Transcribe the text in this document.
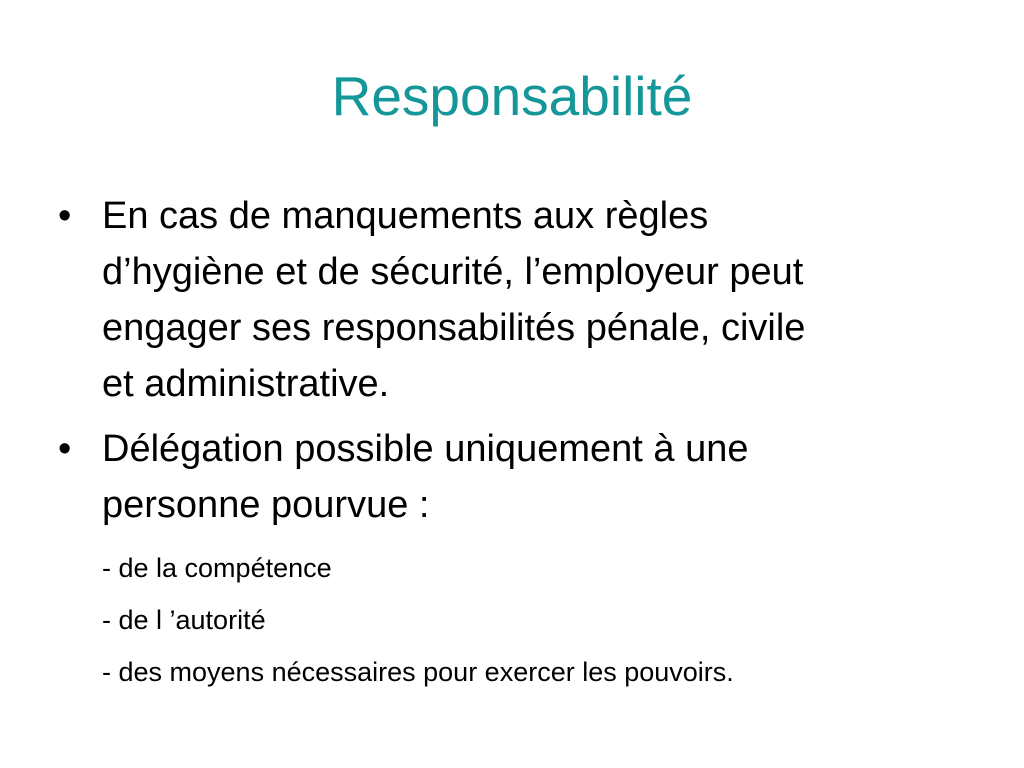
Responsabilité
• En cas de manquements aux règles
d’hygiène et de sécurité, l’employeur peut
engager ses responsabilités pénale, civile
et administrative.
• Délégation possible uniquement à une
personne pourvue :
- de la compétence
- de l ’autorité
- des moyens nécessaires pour exercer les pouvoirs.
